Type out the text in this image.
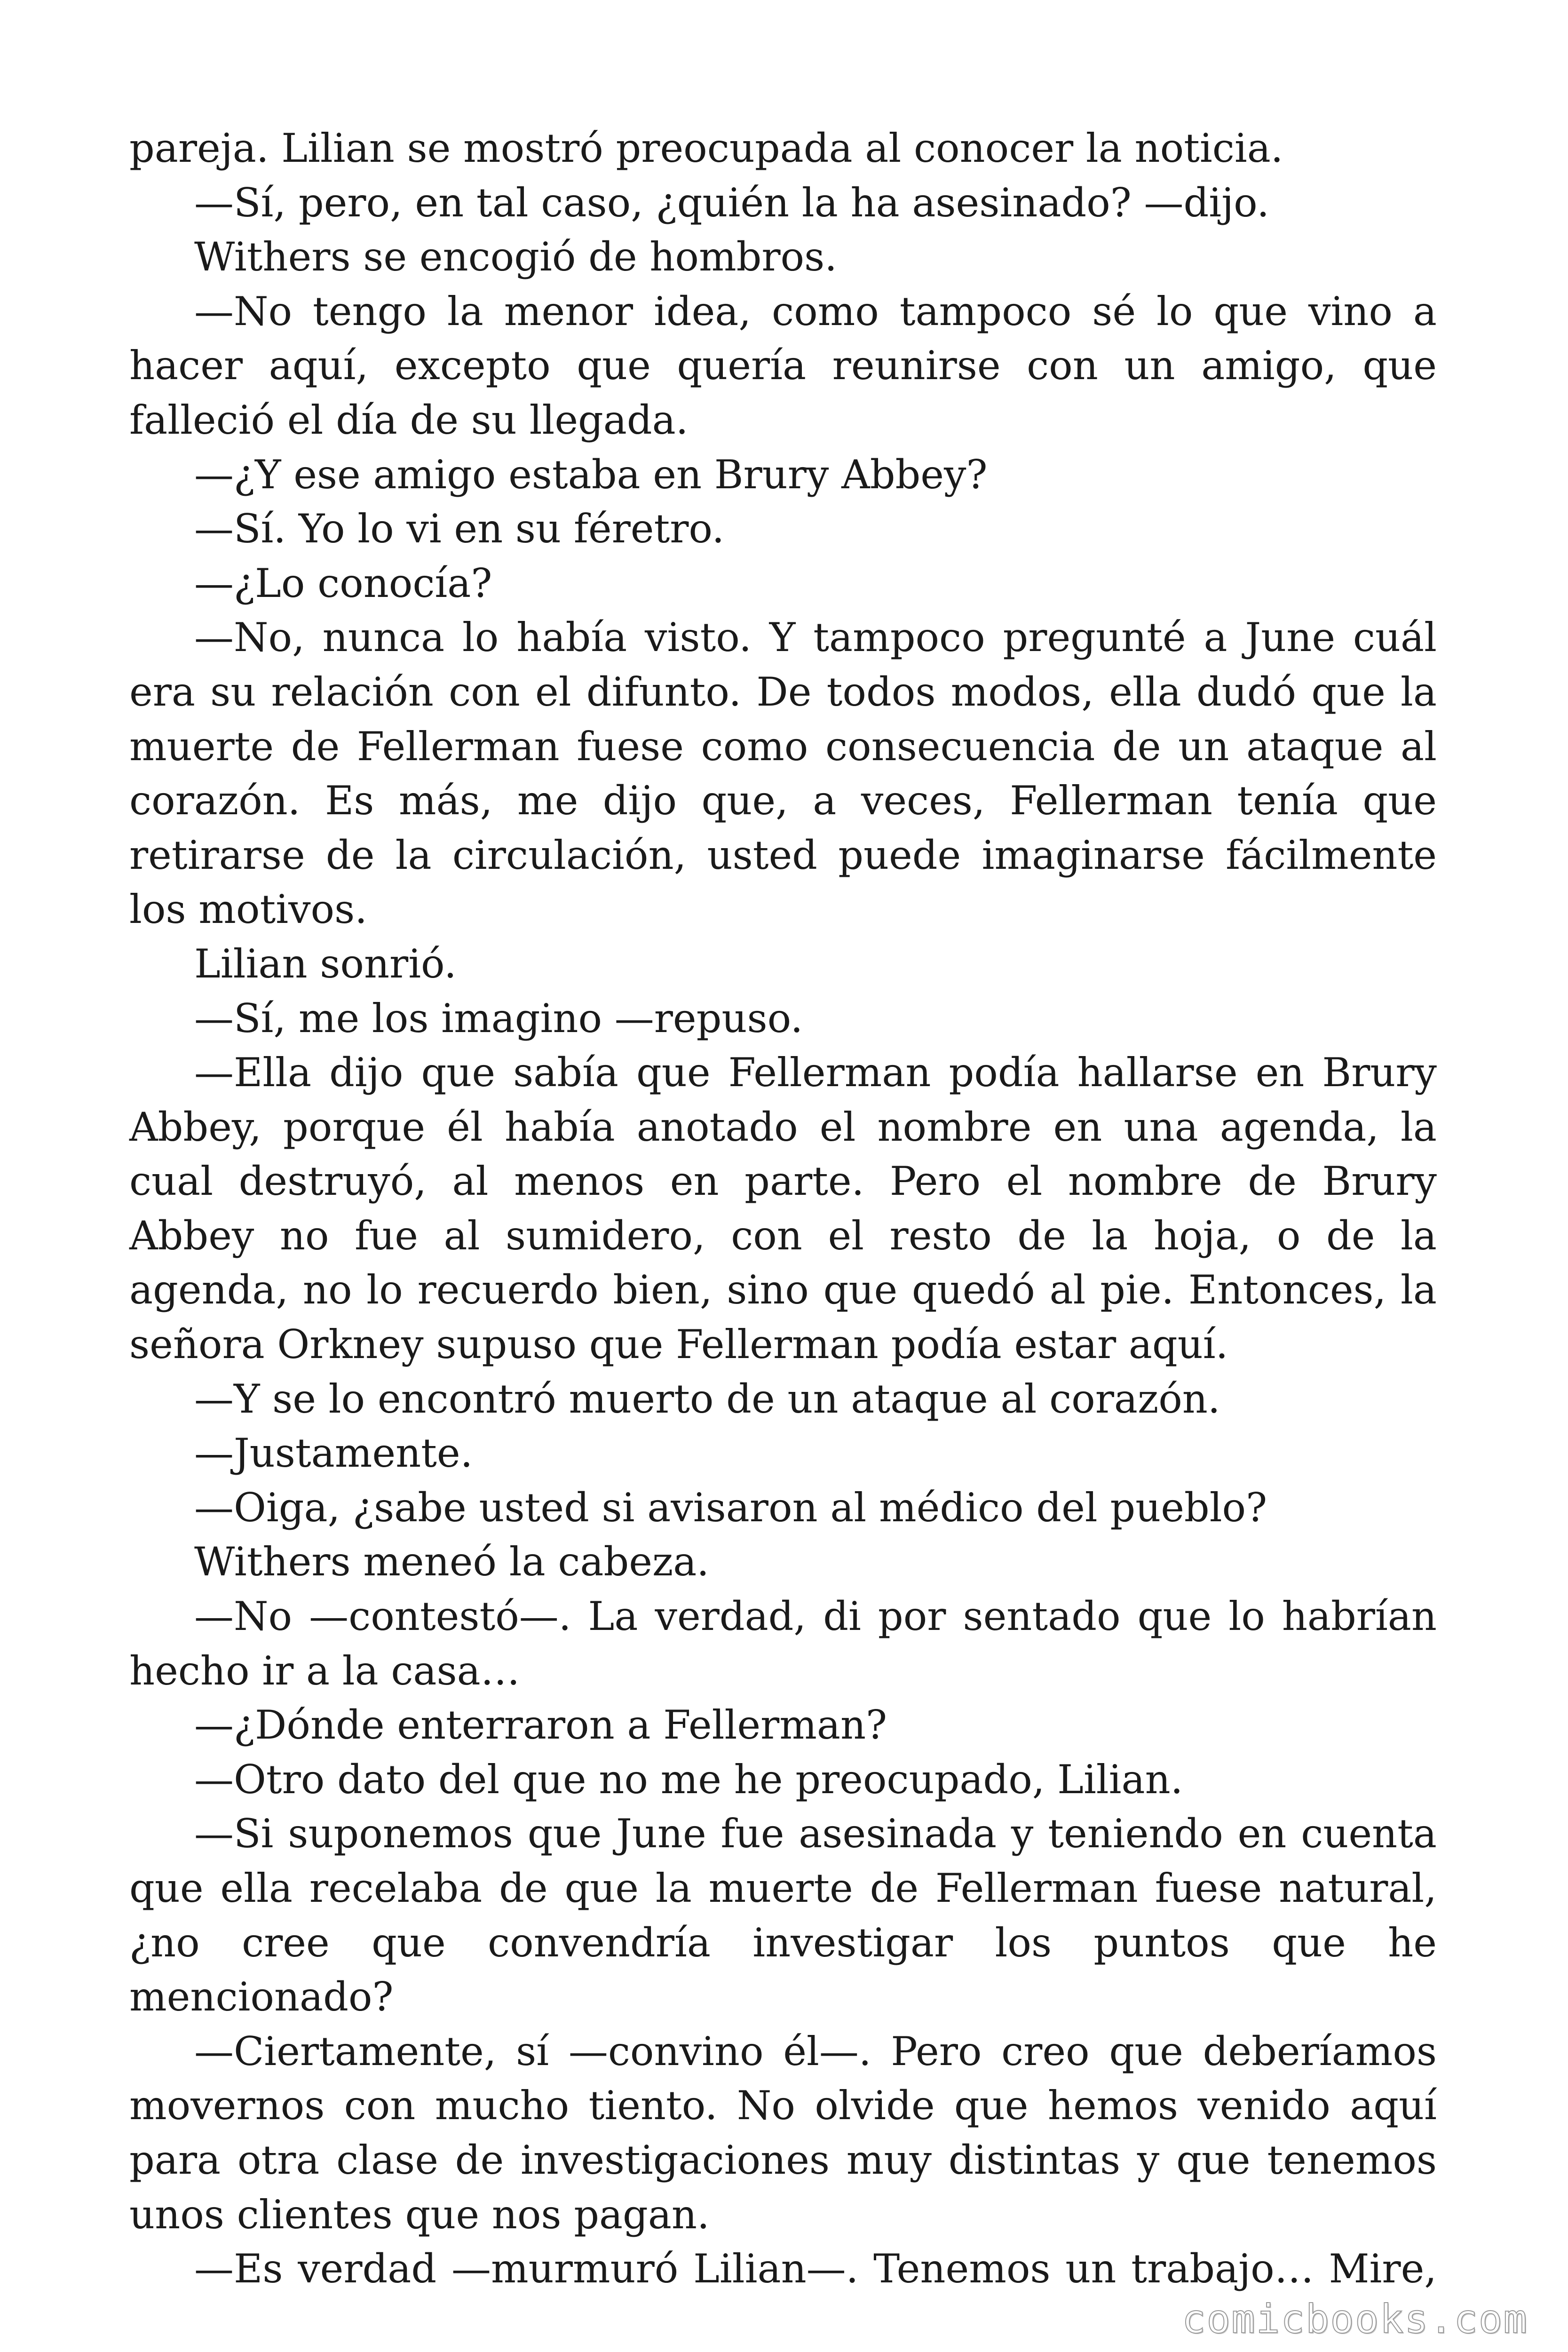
pareja. Lilian se mostró preocupada al conocer la noticia.

—Sí, pero, en tal caso, ¿quién la ha asesinado? —dijo.

Withers se encogió de hombros.

—No tengo la menor idea, como tampoco sé lo que vino a hacer aquí, excepto que quería reunirse con un amigo, que falleció el día de su llegada.

—¿Y ese amigo estaba en Brury Abbey?

—Sí. Yo lo vi en su féretro.

—¿Lo conocía?

—No, nunca lo había visto. Y tampoco pregunté a June cuál era su relación con el difunto. De todos modos, ella dudó que la muerte de Fellerman fuese como consecuencia de un ataque al corazón. Es más, me dijo que, a veces, Fellerman tenía que retirarse de la circulación, usted puede imaginarse fácilmente los motivos.

Lilian sonrió.

—Sí, me los imagino —repuso.

—Ella dijo que sabía que Fellerman podía hallarse en Brury Abbey, porque él había anotado el nombre en una agenda, la cual destruyó, al menos en parte. Pero el nombre de Brury Abbey no fue al sumidero, con el resto de la hoja, o de la agenda, no lo recuerdo bien, sino que quedó al pie. Entonces, la señora Orkney supuso que Fellerman podía estar aquí.

—Y se lo encontró muerto de un ataque al corazón.

—Justamente.

—Oiga, ¿sabe usted si avisaron al médico del pueblo?

Withers meneó la cabeza.

—No —contestó—. La verdad, di por sentado que lo habrían hecho ir a la casa…

—¿Dónde enterraron a Fellerman?

—Otro dato del que no me he preocupado, Lilian.

—Si suponemos que June fue asesinada y teniendo en cuenta que ella recelaba de que la muerte de Fellerman fuese natural, ¿no cree que convendría investigar los puntos que he mencionado?

—Ciertamente, sí —convino él—. Pero creo que deberíamos movernos con mucho tiento. No olvide que hemos venido aquí para otra clase de investigaciones muy distintas y que tenemos unos clientes que nos pagan.

—Es verdad —murmuró Lilian—. Tenemos un trabajo… Mire,

comicbooks.com
